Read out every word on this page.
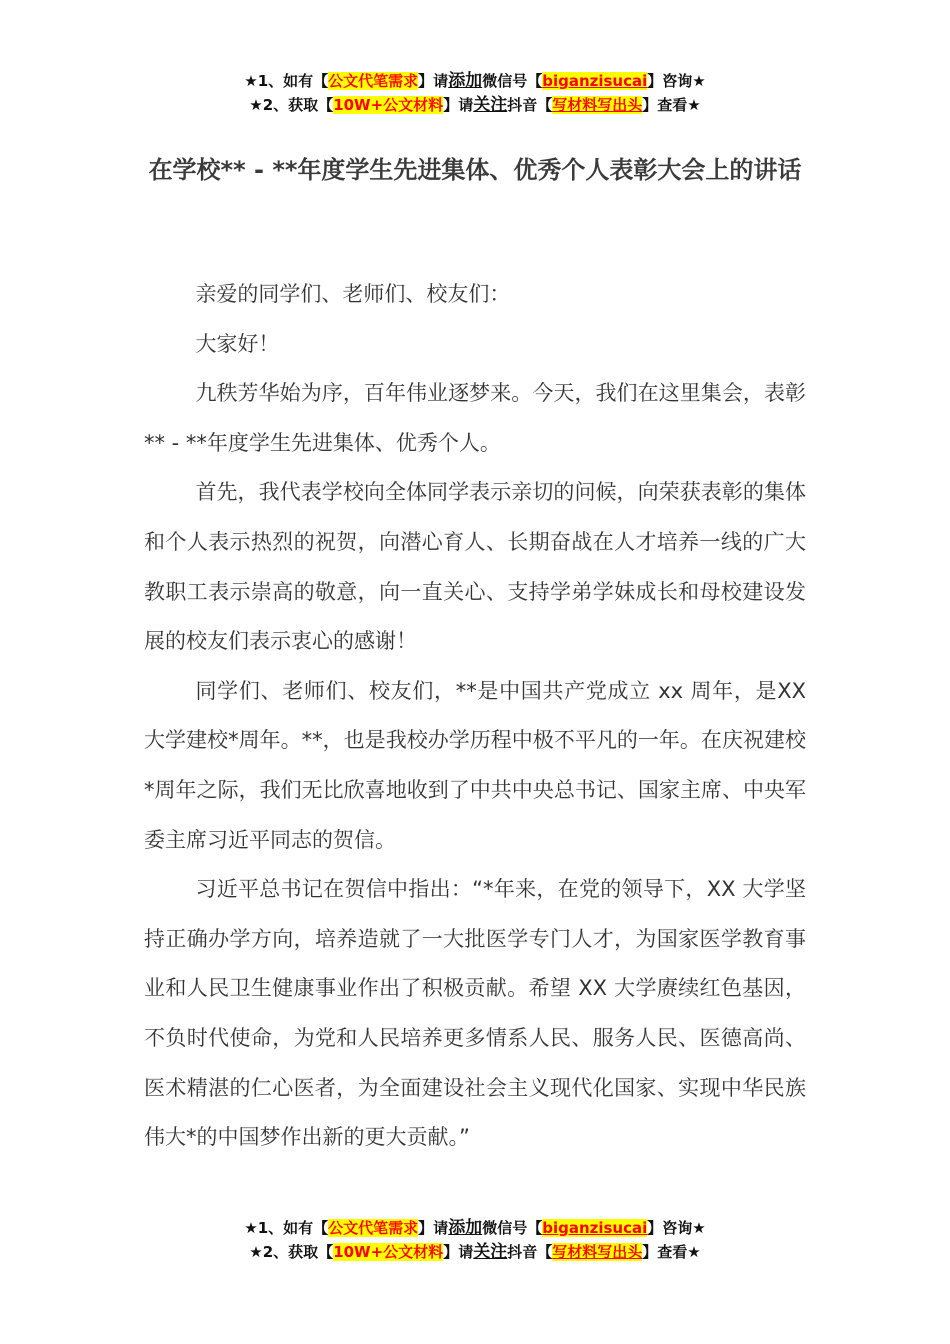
★1、如有【公文代笔需求】请添加微信号【biganzisucai】咨询★
★2、获取【10W+公文材料】请关注抖音【写材料写出头】查看★
在学校** - **年度学生先进集体、优秀个人表彰大会上的讲话

亲爱的同学们、老师们、校友们：

大家好！

九秩芳华始为序，百年伟业逐梦来。今天，我们在这里集会，表彰** - **年度学生先进集体、优秀个人。

首先，我代表学校向全体同学表示亲切的问候，向荣获表彰的集体和个人表示热烈的祝贺，向潜心育人、长期奋战在人才培养一线的广大教职工表示崇高的敬意，向一直关心、支持学弟学妹成长和母校建设发展的校友们表示衷心的感谢！

同学们、老师们、校友们，**是中国共产党成立 xx 周年，是XX 大学建校*周年。**，也是我校办学历程中极不平凡的一年。在庆祝建校*周年之际，我们无比欣喜地收到了中共中央总书记、国家主席、中央军委主席习近平同志的贺信。

习近平总书记在贺信中指出：“*年来，在党的领导下，XX 大学坚持正确办学方向，培养造就了一大批医学专门人才，为国家医学教育事业和人民卫生健康事业作出了积极贡献。希望 XX 大学赓续红色基因，不负时代使命，为党和人民培养更多情系人民、服务人民、医德高尚、医术精湛的仁心医者，为全面建设社会主义现代化国家、实现中华民族伟大*的中国梦作出新的更大贡献。”

★1、如有【公文代笔需求】请添加微信号【biganzisucai】咨询★
★2、获取【10W+公文材料】请关注抖音【写材料写出头】查看★
